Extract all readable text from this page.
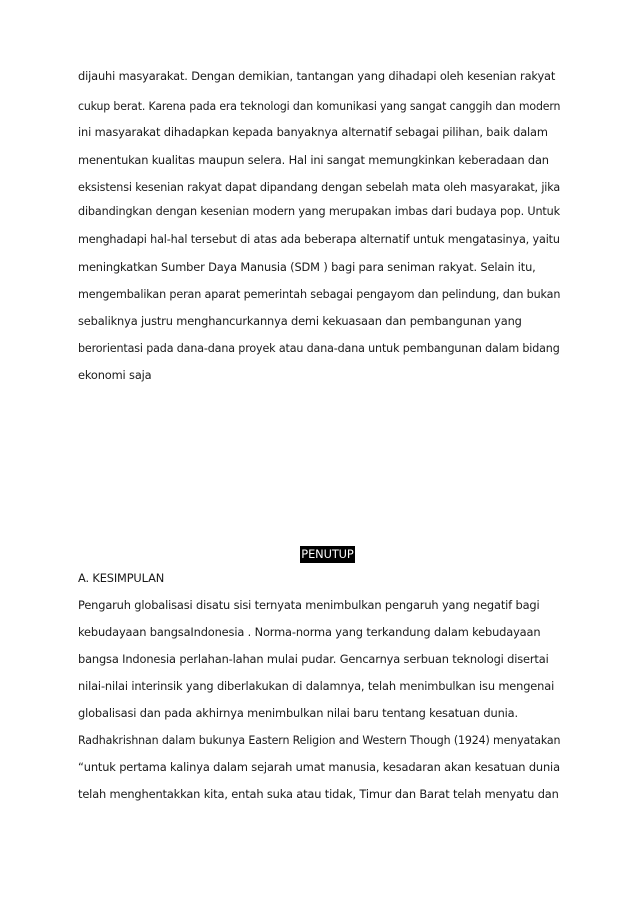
dijauhi masyarakat. Dengan demikian, tantangan yang dihadapi oleh kesenian rakyat
cukup berat. Karena pada era teknologi dan komunikasi yang sangat canggih dan modern
ini masyarakat dihadapkan kepada banyaknya alternatif sebagai pilihan, baik dalam
menentukan kualitas maupun selera. Hal ini sangat memungkinkan keberadaan dan
eksistensi kesenian rakyat dapat dipandang dengan sebelah mata oleh masyarakat, jika
dibandingkan dengan kesenian modern yang merupakan imbas dari budaya pop. Untuk
menghadapi hal-hal tersebut di atas ada beberapa alternatif untuk mengatasinya, yaitu
meningkatkan Sumber Daya Manusia (SDM ) bagi para seniman rakyat. Selain itu,
mengembalikan peran aparat pemerintah sebagai pengayom dan pelindung, dan bukan
sebaliknya justru menghancurkannya demi kekuasaan dan pembangunan yang
berorientasi pada dana-dana proyek atau dana-dana untuk pembangunan dalam bidang
ekonomi saja
PENUTUP
A. KESIMPULAN
Pengaruh globalisasi disatu sisi ternyata menimbulkan pengaruh yang negatif bagi
kebudayaan bangsaIndonesia . Norma-norma yang terkandung dalam kebudayaan
bangsa Indonesia perlahan-lahan mulai pudar. Gencarnya serbuan teknologi disertai
nilai-nilai interinsik yang diberlakukan di dalamnya, telah menimbulkan isu mengenai
globalisasi dan pada akhirnya menimbulkan nilai baru tentang kesatuan dunia.
Radhakrishnan dalam bukunya Eastern Religion and Western Though (1924) menyatakan
“untuk pertama kalinya dalam sejarah umat manusia, kesadaran akan kesatuan dunia
telah menghentakkan kita, entah suka atau tidak, Timur dan Barat telah menyatu dan
